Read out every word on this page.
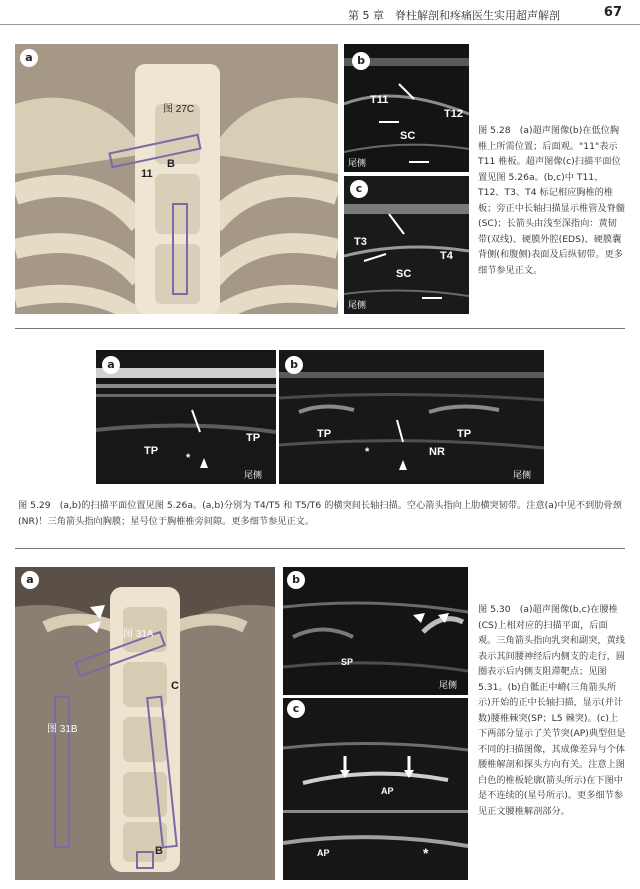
第 5 章　脊柱解剖和疼痛医生实用超声解剖	67
a
图 27C
11
B
b
T11
T12
SC
尾侧
c
T3
T4
SC
尾侧
图 5.28　(a)超声图像(b)在低位胸椎上所需位置；后面观。"11"表示 T11 椎板。超声图像(c)扫描平面位置见图 5.26a。(b,c)中 T11、T12、T3、T4 标记相应胸椎的椎板；旁正中长轴扫描显示椎管及脊髓(SC)；长箭头由浅至深指向：黄韧带(双线)、硬膜外腔(EDS)、硬膜囊背侧(和腹侧)表面及后纵韧带。更多细节参见正文。
a
TP
TP
*
尾侧
b
TP	TP
NR
*
尾侧
图 5.29　(a,b)的扫描平面位置见图 5.26a。(a,b)分别为 T4/T5 和 T5/T6 的横突间长轴扫描。空心箭头指向上肋横突韧带。注意(a)中见不到肋骨颈(NR)！三角箭头指向胸膜；星号位于胸椎椎旁间隙。更多细节参见正文。
a
图 31A
图 31B
C
B
b
SP
尾侧
c
AP
AP	*
图 5.30　(a)超声图像(b,c)在腰椎(CS)上相对应的扫描平面，后面观。三角箭头指向乳突和副突，黄线表示其间腰神经后内侧支的走行，圆圈表示后内侧支阻滞靶点；见图 5.31。(b)自骶正中嵴(三角箭头所示)开始的正中长轴扫描，显示(并计数)腰椎棘突(SP；L5 棘突)。(c)上下两部分显示了关节突(AP)典型但是不同的扫描图像，其成像差异与个体腰椎解剖和探头方向有关。注意上图白色的椎板轮廓(箭头所示)在下图中是不连续的(星号所示)。更多细节参见正文腰椎解剖部分。
